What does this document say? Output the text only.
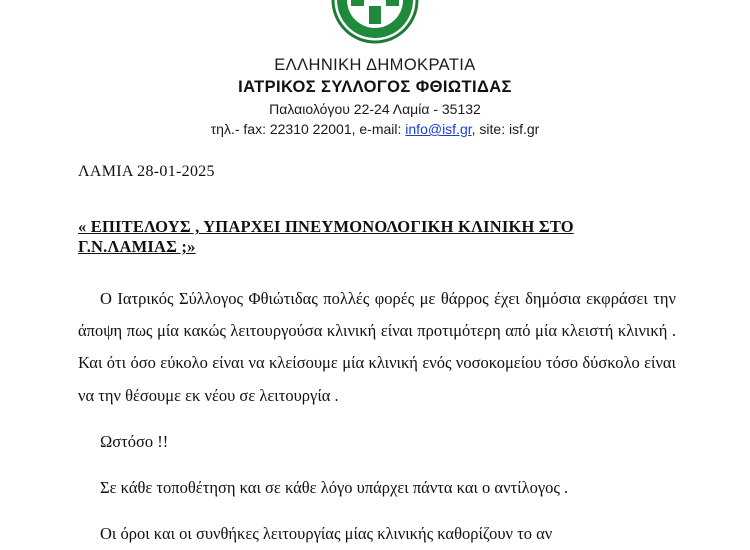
ΕΛΛΗΝΙΚΗ ΔΗΜΟΚΡΑΤΙΑ
ΙΑΤΡΙΚΟΣ ΣΥΛΛΟΓΟΣ ΦΘΙΩΤΙΔΑΣ
Παλαιολόγου 22-24 Λαμία - 35132
τηλ.- fax: 22310 22001, e-mail: info@isf.gr, site: isf.gr
ΛΑΜΙΑ 28-01-2025
« ΕΠΙΤΕΛΟΥΣ , ΥΠΑΡΧΕΙ ΠΝΕΥΜΟΝΟΛΟΓΙΚΗ ΚΛΙΝΙΚΗ ΣΤΟ Γ.Ν.ΛΑΜΙΑΣ ;»
Ο Ιατρικός Σύλλογος Φθιώτιδας πολλές φορές με θάρρος έχει δημόσια εκφράσει την άποψη πως μία κακώς λειτουργούσα κλινική είναι προτιμότερη από μία κλειστή κλινική . Και ότι όσο εύκολο είναι να κλείσουμε μία κλινική ενός νοσοκομείου τόσο δύσκολο είναι να την θέσουμε εκ νέου σε λειτουργία .
Ωστόσο !!
Σε κάθε τοποθέτηση και σε κάθε λόγο υπάρχει πάντα και ο αντίλογος .
Οι όροι και οι συνθήκες λειτουργίας μίας κλινικής καθορίζουν το αν
